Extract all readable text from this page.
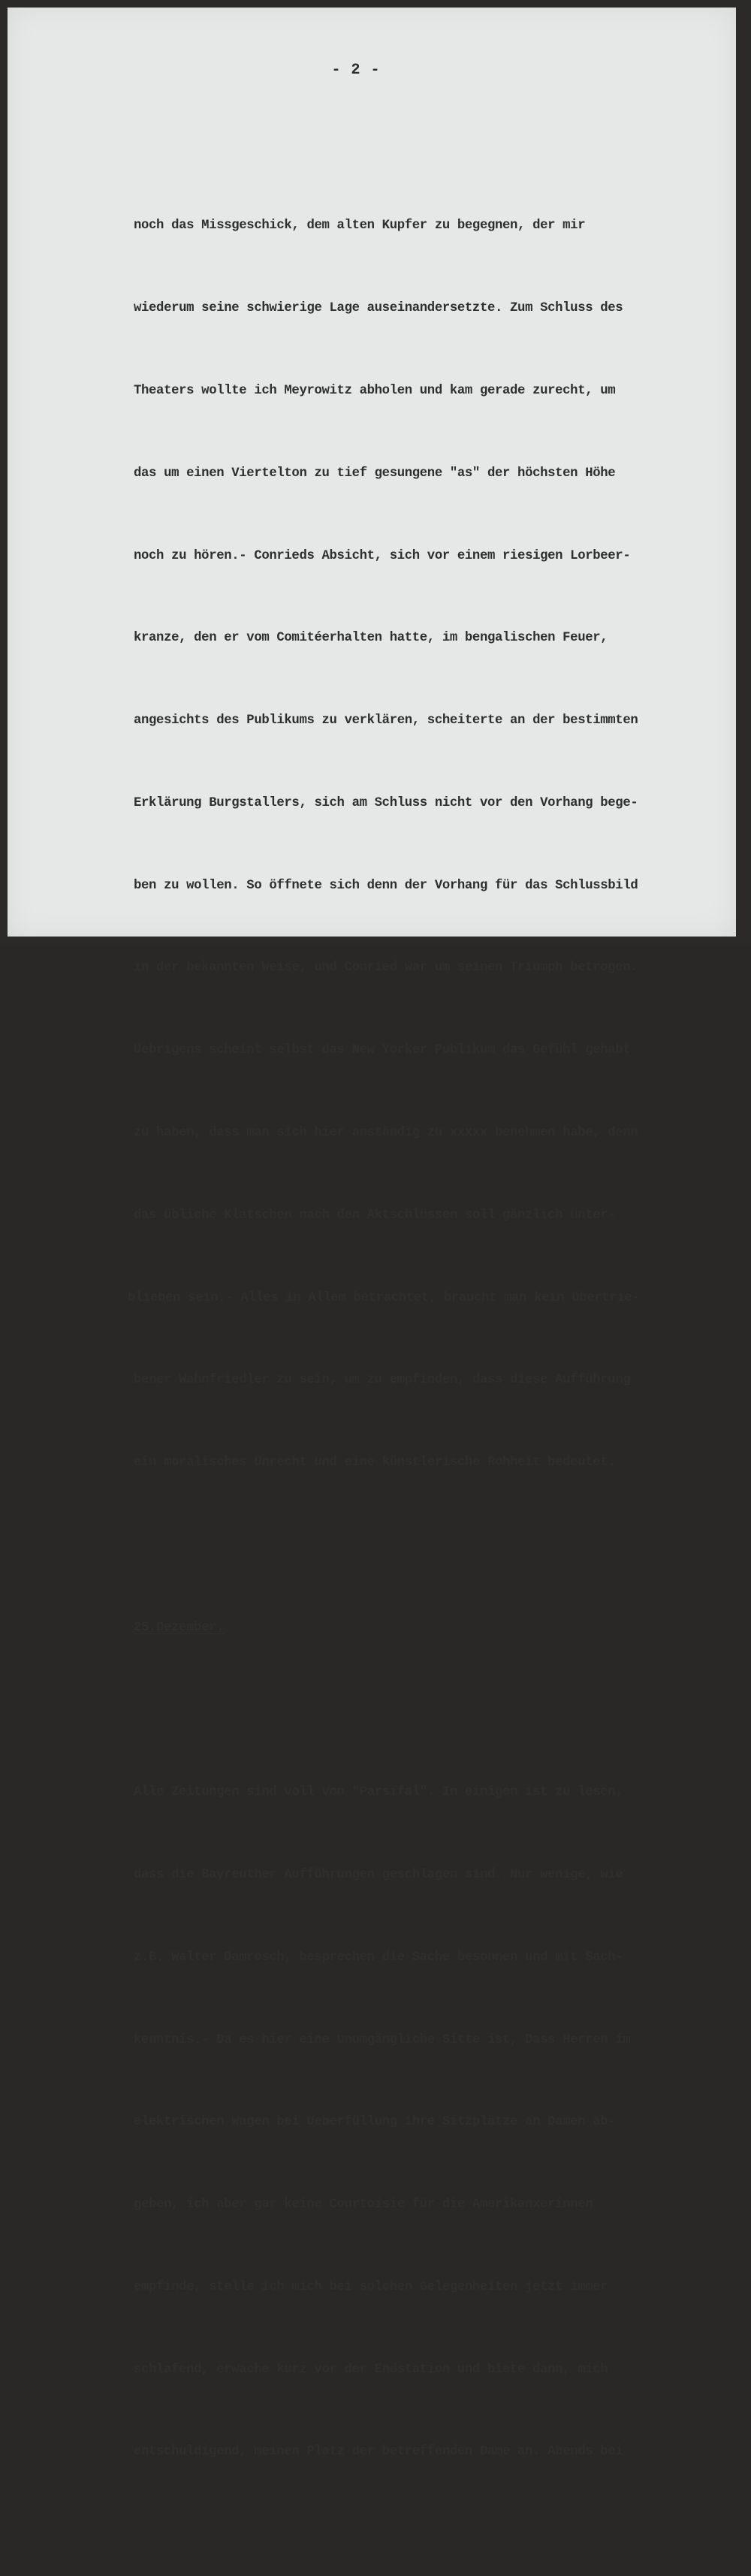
- 2 -

noch das Missgeschick, dem alten Kupfer zu begegnen, der mir

wiederum seine schwierige Lage auseinandersetzte. Zum Schluss des

Theaters wollte ich Meyrowitz abholen und kam gerade zurecht, um

das um einen Viertelton zu tief gesungene "as" der höchsten Höhe

noch zu hören.- Conrieds Absicht, sich vor einem riesigen Lorbeer-

kranze, den er vom Comitéerhalten hatte, im bengalischen Feuer,

angesichts des Publikums zu verklären, scheiterte an der bestimmten

Erklärung Burgstallers, sich am Schluss nicht vor den Vorhang bege-

ben zu wollen. So öffnete sich denn der Vorhang für das Schlussbild

in der bekannten Weise, und Conried war um seinen Triumph betrogen.

Uebrigens scheint selbst das New Yorker Publikum das Gefühl gehabt

zu haben, dass man sich hier anständig zu xxxxx benehmen habe, denn

das übliche Klatschen nach den Aktschlüssen soll gänzlich unter-

blieben sein.- Alles in Allem betrachtet, braucht man kein übertrie-

bener Wahnfriedler zu sein, um zu empfinden, dass diese Aufführung

ein moralisches Unrecht und eine künstlerische Rohheit bedeutet.

25.Dezember.

Alle Zeitungen sind voll von "Parsifal". In einigen ist zu lesen,

dass die Bayreuther Aufführungen geschlagen sind. Nur wenige, wie

z.B. Walter Damrosch, besprechen die Sache besonnen und mit Sach-

kenntnis.- Da es hier eine unumgängliche Sitte ist, Dass Herren im

elektrischen Wagen bei Ueberfüllung ihre Sitzplätze an Damen ab-

geben, ich aber gar keine Courtoisie für die Amerikanxerinnen

empfinde, stelle ich mich bei solchen Gelegenheiten jetzt immer

schlafend, erwache kurz vor der Endstation und biete dann, mich

entschuldigend, meinen Platz der betreffenden Dame an. Abends bei
